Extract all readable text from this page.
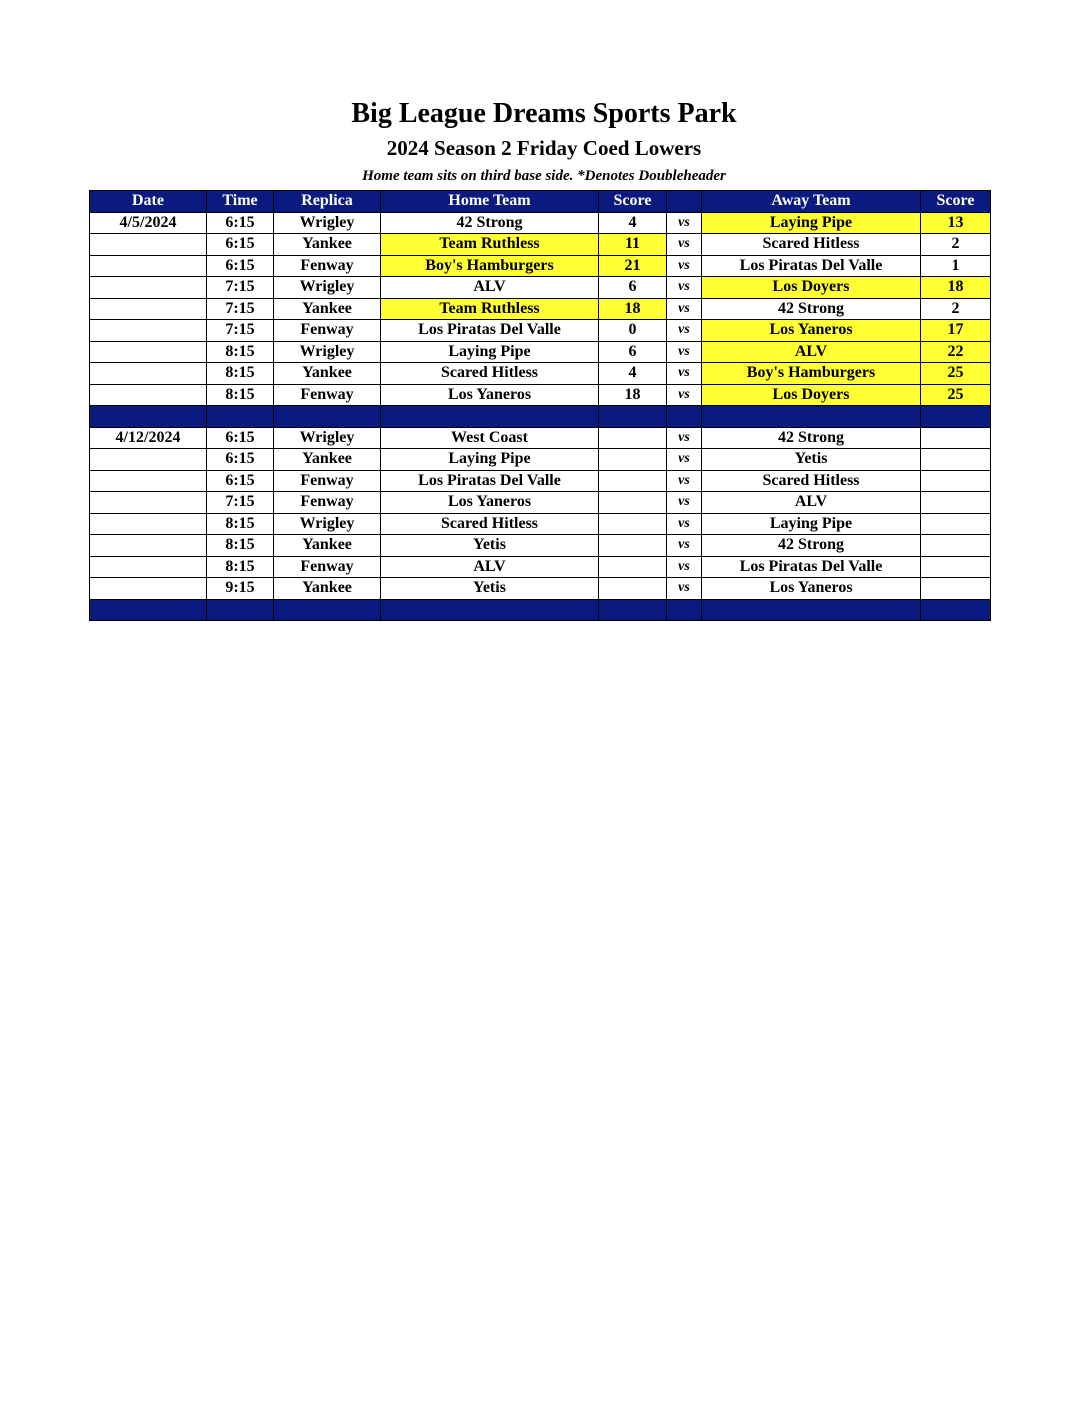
Big League Dreams Sports Park
2024 Season 2 Friday Coed Lowers
Home team sits on third base side. *Denotes Doubleheader
Date	Time	Replica	Home Team	Score		Away Team	Score
4/5/2024	6:15	Wrigley	42 Strong	4	vs	Laying Pipe	13
	6:15	Yankee	Team Ruthless	11	vs	Scared Hitless	2
	6:15	Fenway	Boy's Hamburgers	21	vs	Los Piratas Del Valle	1
	7:15	Wrigley	ALV	6	vs	Los Doyers	18
	7:15	Yankee	Team Ruthless	18	vs	42 Strong	2
	7:15	Fenway	Los Piratas Del Valle	0	vs	Los Yaneros	17
	8:15	Wrigley	Laying Pipe	6	vs	ALV	22
	8:15	Yankee	Scared Hitless	4	vs	Boy's Hamburgers	25
	8:15	Fenway	Los Yaneros	18	vs	Los Doyers	25

4/12/2024	6:15	Wrigley	West Coast		vs	42 Strong	
	6:15	Yankee	Laying Pipe		vs	Yetis	
	6:15	Fenway	Los Piratas Del Valle		vs	Scared Hitless	
	7:15	Fenway	Los Yaneros		vs	ALV	
	8:15	Wrigley	Scared Hitless		vs	Laying Pipe	
	8:15	Yankee	Yetis		vs	42 Strong	
	8:15	Fenway	ALV		vs	Los Piratas Del Valle	
	9:15	Yankee	Yetis		vs	Los Yaneros	
